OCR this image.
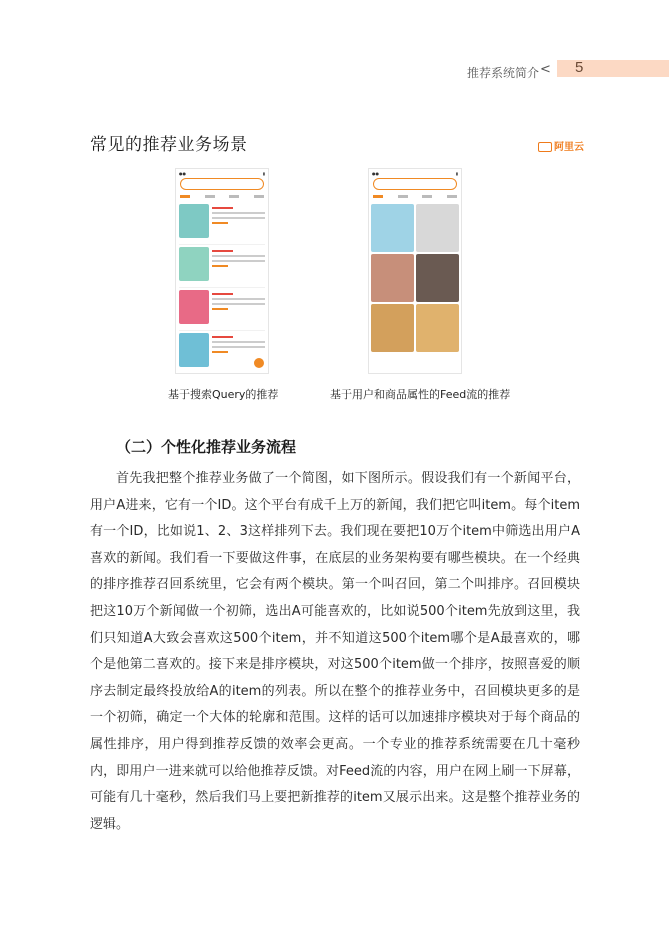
推荐系统简介 < 5
常见的推荐业务场景	阿里云
●●	▮
基于搜索Query的推荐
●●	▮
基于用户和商品属性的Feed流的推荐
（二）个性化推荐业务流程

首先我把整个推荐业务做了一个简图，如下图所示。假设我们有一个新闻平台，用户A进来，它有一个ID。这个平台有成千上万的新闻，我们把它叫item。每个item有一个ID，比如说1、2、3这样排列下去。我们现在要把10万个item中筛选出用户A喜欢的新闻。我们看一下要做这件事，在底层的业务架构要有哪些模块。在一个经典的排序推荐召回系统里，它会有两个模块。第一个叫召回，第二个叫排序。召回模块把这10万个新闻做一个初筛，选出A可能喜欢的，比如说500个item先放到这里，我们只知道A大致会喜欢这500个item，并不知道这500个item哪个是A最喜欢的，哪个是他第二喜欢的。接下来是排序模块，对这500个item做一个排序，按照喜爱的顺序去制定最终投放给A的item的列表。所以在整个的推荐业务中，召回模块更多的是一个初筛，确定一个大体的轮廓和范围。这样的话可以加速排序模块对于每个商品的属性排序，用户得到推荐反馈的效率会更高。一个专业的推荐系统需要在几十毫秒内，即用户一进来就可以给他推荐反馈。对Feed流的内容，用户在网上刷一下屏幕，可能有几十毫秒，然后我们马上要把新推荐的item又展示出来。这是整个推荐业务的逻辑。
